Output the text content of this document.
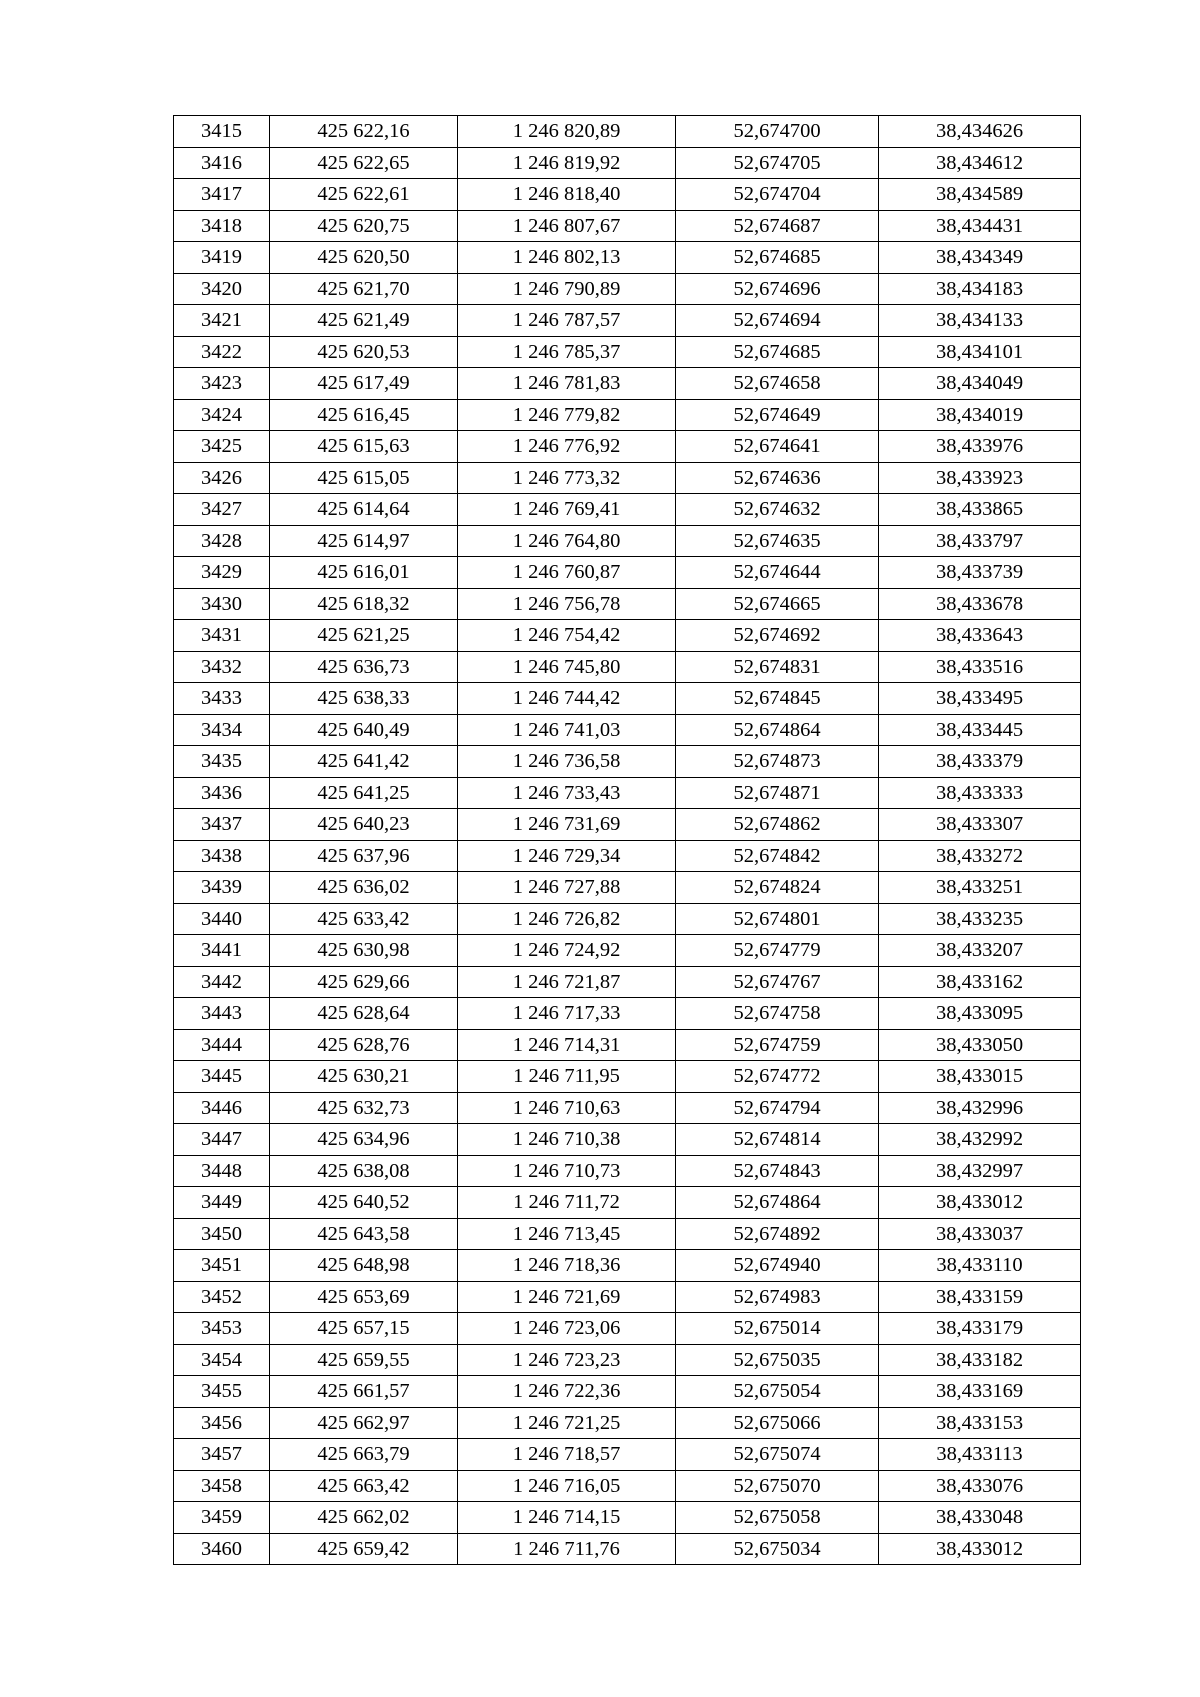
3415	425 622,16	1 246 820,89	52,674700	38,434626
3416	425 622,65	1 246 819,92	52,674705	38,434612
3417	425 622,61	1 246 818,40	52,674704	38,434589
3418	425 620,75	1 246 807,67	52,674687	38,434431
3419	425 620,50	1 246 802,13	52,674685	38,434349
3420	425 621,70	1 246 790,89	52,674696	38,434183
3421	425 621,49	1 246 787,57	52,674694	38,434133
3422	425 620,53	1 246 785,37	52,674685	38,434101
3423	425 617,49	1 246 781,83	52,674658	38,434049
3424	425 616,45	1 246 779,82	52,674649	38,434019
3425	425 615,63	1 246 776,92	52,674641	38,433976
3426	425 615,05	1 246 773,32	52,674636	38,433923
3427	425 614,64	1 246 769,41	52,674632	38,433865
3428	425 614,97	1 246 764,80	52,674635	38,433797
3429	425 616,01	1 246 760,87	52,674644	38,433739
3430	425 618,32	1 246 756,78	52,674665	38,433678
3431	425 621,25	1 246 754,42	52,674692	38,433643
3432	425 636,73	1 246 745,80	52,674831	38,433516
3433	425 638,33	1 246 744,42	52,674845	38,433495
3434	425 640,49	1 246 741,03	52,674864	38,433445
3435	425 641,42	1 246 736,58	52,674873	38,433379
3436	425 641,25	1 246 733,43	52,674871	38,433333
3437	425 640,23	1 246 731,69	52,674862	38,433307
3438	425 637,96	1 246 729,34	52,674842	38,433272
3439	425 636,02	1 246 727,88	52,674824	38,433251
3440	425 633,42	1 246 726,82	52,674801	38,433235
3441	425 630,98	1 246 724,92	52,674779	38,433207
3442	425 629,66	1 246 721,87	52,674767	38,433162
3443	425 628,64	1 246 717,33	52,674758	38,433095
3444	425 628,76	1 246 714,31	52,674759	38,433050
3445	425 630,21	1 246 711,95	52,674772	38,433015
3446	425 632,73	1 246 710,63	52,674794	38,432996
3447	425 634,96	1 246 710,38	52,674814	38,432992
3448	425 638,08	1 246 710,73	52,674843	38,432997
3449	425 640,52	1 246 711,72	52,674864	38,433012
3450	425 643,58	1 246 713,45	52,674892	38,433037
3451	425 648,98	1 246 718,36	52,674940	38,433110
3452	425 653,69	1 246 721,69	52,674983	38,433159
3453	425 657,15	1 246 723,06	52,675014	38,433179
3454	425 659,55	1 246 723,23	52,675035	38,433182
3455	425 661,57	1 246 722,36	52,675054	38,433169
3456	425 662,97	1 246 721,25	52,675066	38,433153
3457	425 663,79	1 246 718,57	52,675074	38,433113
3458	425 663,42	1 246 716,05	52,675070	38,433076
3459	425 662,02	1 246 714,15	52,675058	38,433048
3460	425 659,42	1 246 711,76	52,675034	38,433012
